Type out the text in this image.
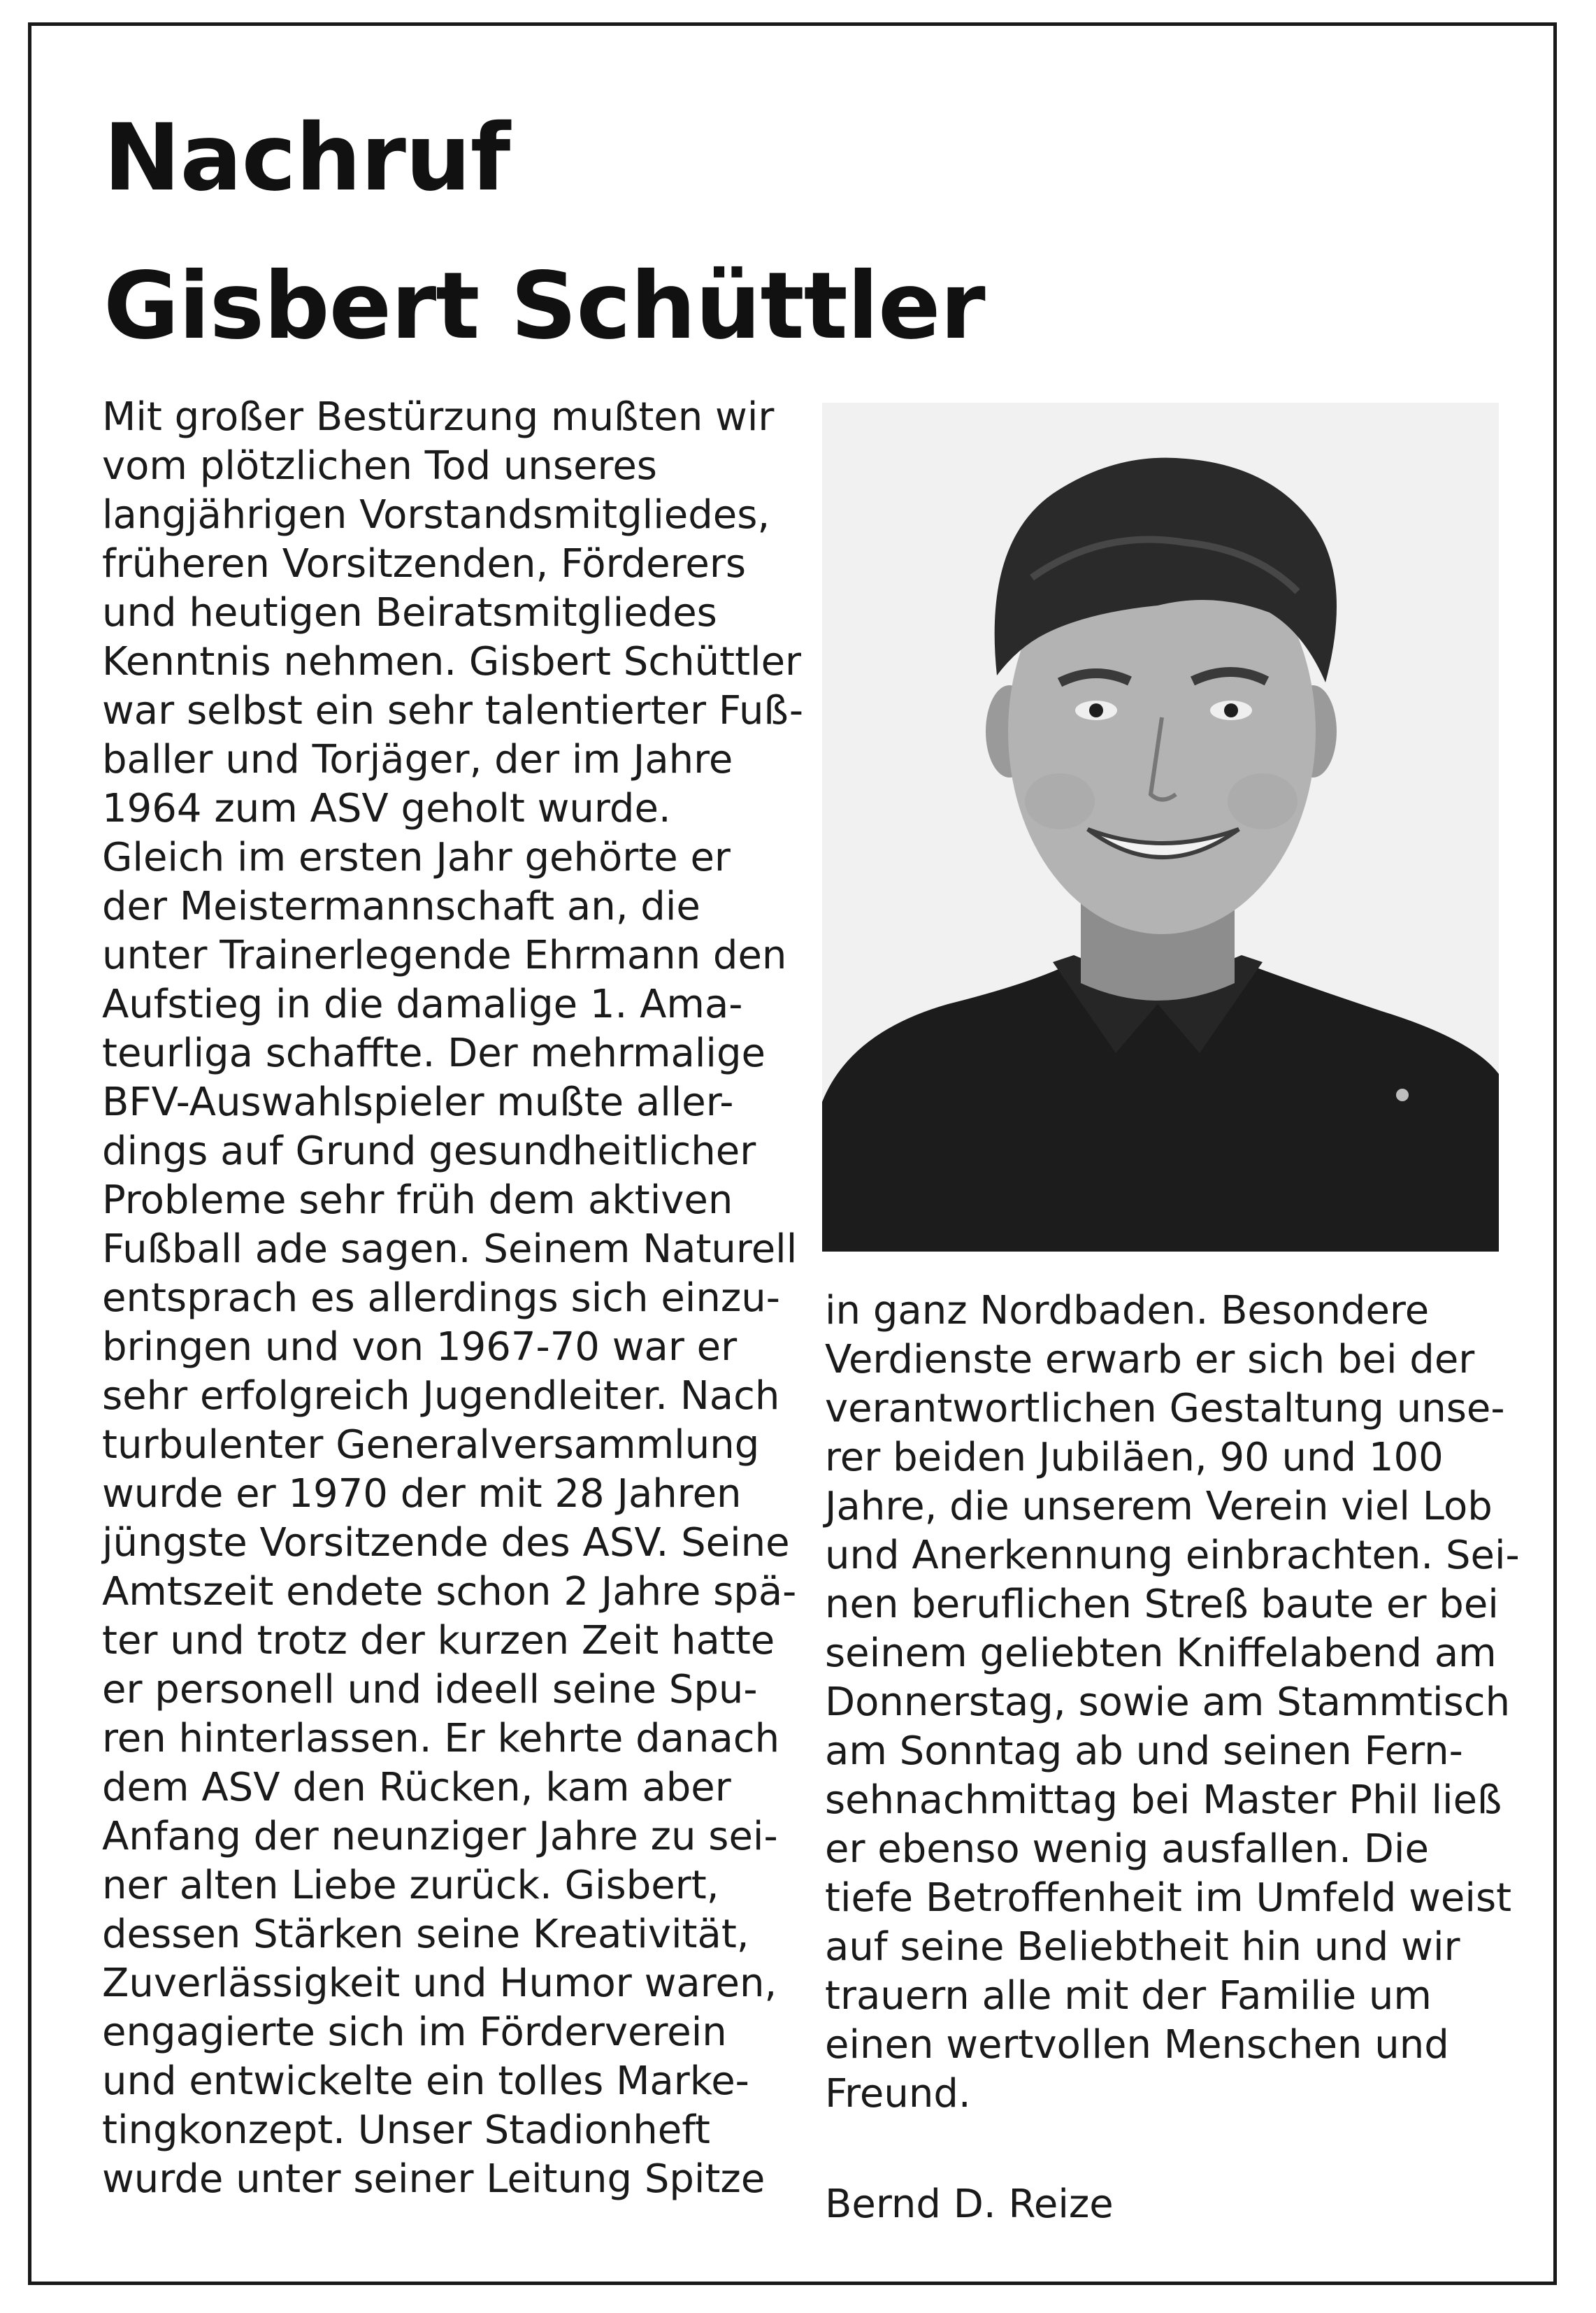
Nachruf
Gisbert Schüttler
Mit großer Bestürzung mußten wir
vom plötzlichen Tod unseres
langjährigen Vorstandsmitgliedes,
früheren Vorsitzenden, Förderers
und heutigen Beiratsmitgliedes
Kenntnis nehmen. Gisbert Schüttler
war selbst ein sehr talentierter Fuß-
baller und Torjäger, der im Jahre
1964 zum ASV geholt wurde.
Gleich im ersten Jahr gehörte er
der Meistermannschaft an, die
unter Trainerlegende Ehrmann den
Aufstieg in die damalige 1. Ama-
teurliga schaffte. Der mehrmalige
BFV-Auswahlspieler mußte aller-
dings auf Grund gesundheitlicher
Probleme sehr früh dem aktiven
Fußball ade sagen. Seinem Naturell
entsprach es allerdings sich einzu-
bringen und von 1967-70 war er
sehr erfolgreich Jugendleiter. Nach
turbulenter Generalversammlung
wurde er 1970 der mit 28 Jahren
jüngste Vorsitzende des ASV. Seine
Amtszeit endete schon 2 Jahre spä-
ter und trotz der kurzen Zeit hatte
er personell und ideell seine Spu-
ren hinterlassen. Er kehrte danach
dem ASV den Rücken, kam aber
Anfang der neunziger Jahre zu sei-
ner alten Liebe zurück. Gisbert,
dessen Stärken seine Kreativität,
Zuverlässigkeit und Humor waren,
engagierte sich im Förderverein
und entwickelte ein tolles Marke-
tingkonzept. Unser Stadionheft
wurde unter seiner Leitung Spitze
in ganz Nordbaden. Besondere
Verdienste erwarb er sich bei der
verantwortlichen Gestaltung unse-
rer beiden Jubiläen, 90 und 100
Jahre, die unserem Verein viel Lob
und Anerkennung einbrachten. Sei-
nen beruflichen Streß baute er bei
seinem geliebten Kniffelabend am
Donnerstag, sowie am Stammtisch
am Sonntag ab und seinen Fern-
sehnachmittag bei Master Phil ließ
er ebenso wenig ausfallen. Die
tiefe Betroffenheit im Umfeld weist
auf seine Beliebtheit hin und wir
trauern alle mit der Familie um
einen wertvollen Menschen und
Freund.
Bernd D. Reize
